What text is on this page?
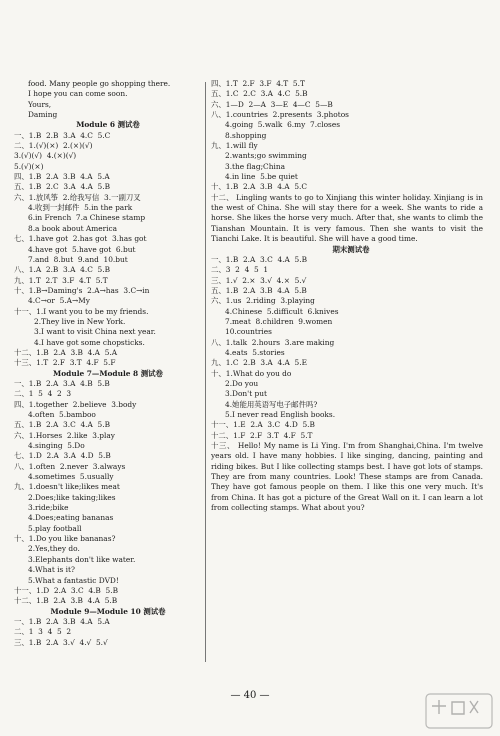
food. Many people go shopping there.
I hope you can come soon.
Yours,
Daming
Module 6 测试卷
一、1.B  2.B  3.A  4.C  5.C
二、1.(√)(×)  2.(×)(√)
3.(√)(√)  4.(×)(√)
5.(√)(×)
四、1.B  2.A  3.B  4.A  5.A
五、1.B  2.C  3.A  4.A  5.B
六、1.放风筝  2.给我写信  3.一副刀叉
4.收到一封邮件  5.in the park
6.in French  7.a Chinese stamp
8.a book about America
七、1.have got  2.has got  3.has got
4.have got  5.have got  6.but
7.and  8.but  9.and  10.but
八、1.A  2.B  3.A  4.C  5.B
九、1.T  2.T  3.F  4.T  5.T
十、1.B→Daming's  2.A→has  3.C→in
4.C→or  5.A→My
十一、1.I want you to be my friends.
2.They live in New York.
3.I want to visit China next year.
4.I have got some chopsticks.
十二、1.B  2.A  3.B  4.A  5.A
十三、1.T  2.F  3.T  4.F  5.F
Module 7—Module 8 测试卷
一、1.B  2.A  3.A  4.B  5.B
二、1  5  4  2  3
四、1.together  2.believe  3.body
4.often  5.bamboo
五、1.B  2.A  3.C  4.A  5.B
六、1.Horses  2.like  3.play
4.singing  5.Do
七、1.D  2.A  3.A  4.D  5.B
八、1.often  2.never  3.always
4.sometimes  5.usually
九、1.doesn't like;likes meat
2.Does;like taking;likes
3.ride;bike
4.Does;eating bananas
5.play football
十、1.Do you like bananas?
2.Yes,they do.
3.Elephants don't like water.
4.What is it?
5.What a fantastic DVD!
十一、1.D  2.A  3.C  4.B  5.B
十二、1.B  2.A  3.B  4.A  5.B
Module 9—Module 10 测试卷
一、1.B  2.A  3.B  4.A  5.A
二、1  3  4  5  2
三、1.B  2.A  3.√  4.√  5.√
四、1.T  2.F  3.F  4.T  5.T
五、1.C  2.C  3.A  4.C  5.B
六、1—D  2—A  3—E  4—C  5—B
八、1.countries  2.presents  3.photos
4.going  5.walk  6.my  7.closes
8.shopping
九、1.will fly
2.wants;go swimming
3.the flag;China
4.in line  5.be quiet
十、1.B  2.A  3.B  4.A  5.C

十二、 Lingling wants to go to Xinjiang this winter holiday. Xinjiang is in the west of China. She will stay there for a week. She wants to ride a horse. She likes the horse very much. After that, she wants to climb the Tianshan Mountain. It is very famous. Then she wants to visit the Tianchi Lake. It is beautiful. She will have a good time.

期末测试卷
一、1.B  2.A  3.C  4.A  5.B
二、3  2  4  5  1
三、1.√  2.×  3.√  4.×  5.√
五、1.B  2.A  3.B  4.A  5.B
六、1.us  2.riding  3.playing
4.Chinese  5.difficult  6.knives
7.meat  8.children  9.women
10.countries
八、1.talk  2.hours  3.are making
4.eats  5.stories
九、1.C  2.B  3.A  4.A  5.E
十、1.What do you do
2.Do you
3.Don't put
4.她能用英语写电子邮件吗?
5.I never read English books.
十一、1.E  2.A  3.C  4.D  5.B
十二、1.F  2.F  3.T  4.F  5.T

十三、 Hello! My name is Li Ying. I'm from Shanghai,China. I'm twelve years old. I have many hobbies. I like singing, dancing, painting and riding bikes. But I like collecting stamps best. I have got lots of stamps. They are from many countries. Look! These stamps are from Canada. They have got famous people on them. I like this one very much. It's from China. It has got a picture of the Great Wall on it. I can learn a lot from collecting stamps. What about you?

— 40 —
